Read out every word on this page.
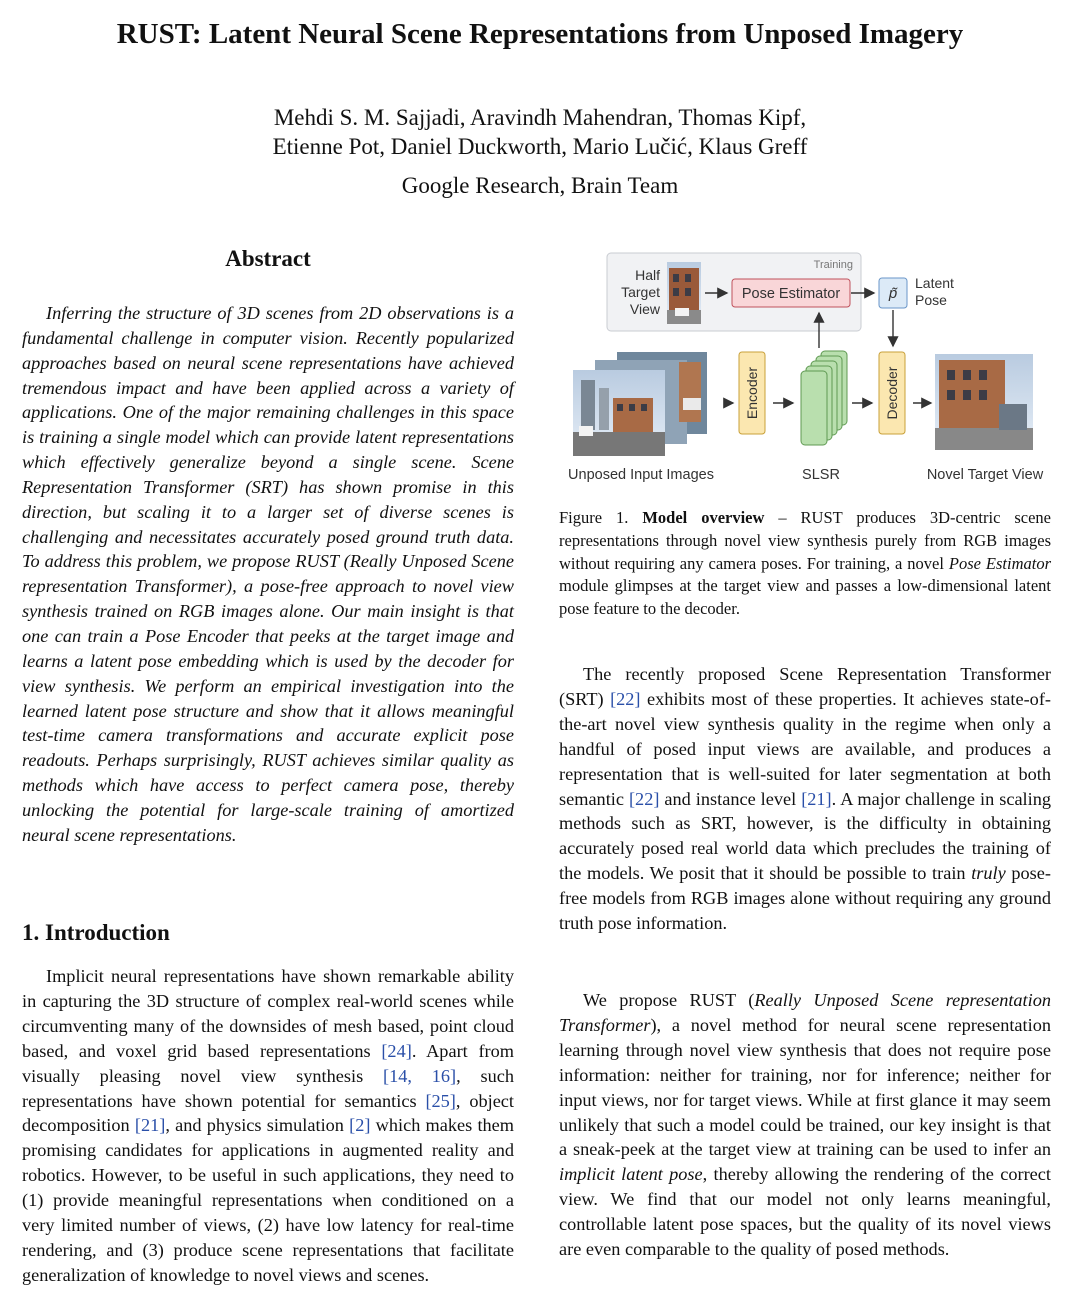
RUST: Latent Neural Scene Representations from Unposed Imagery
Mehdi S. M. Sajjadi, Aravindh Mahendran, Thomas Kipf,
Etienne Pot, Daniel Duckworth, Mario Lučić, Klaus Greff
Google Research, Brain Team
Abstract
Inferring the structure of 3D scenes from 2D observations is a fundamental challenge in computer vision. Recently popularized approaches based on neural scene representations have achieved tremendous impact and have been applied across a variety of applications. One of the major remaining challenges in this space is training a single model which can provide latent representations which effectively generalize beyond a single scene. Scene Representation Transformer (SRT) has shown promise in this direction, but scaling it to a larger set of diverse scenes is challenging and necessitates accurately posed ground truth data. To address this problem, we propose RUST (Really Unposed Scene representation Transformer), a pose-free approach to novel view synthesis trained on RGB images alone. Our main insight is that one can train a Pose Encoder that peeks at the target image and learns a latent pose embedding which is used by the decoder for view synthesis. We perform an empirical investigation into the learned latent pose structure and show that it allows meaningful test-time camera transformations and accurate explicit pose readouts. Perhaps surprisingly, RUST achieves similar quality as methods which have access to perfect camera pose, thereby unlocking the potential for large-scale training of amortized neural scene representations.
1. Introduction

Implicit neural representations have shown remarkable ability in capturing the 3D structure of complex real-world scenes while circumventing many of the downsides of mesh based, point cloud based, and voxel grid based representations [24]. Apart from visually pleasing novel view synthesis [14, 16], such representations have shown potential for semantics [25], object decomposition [21], and physics simulation [2] which makes them promising candidates for applications in augmented reality and robotics. However, to be useful in such applications, they need to (1) provide meaningful representations when conditioned on a very limited number of views, (2) have low latency for real-time rendering, and (3) produce scene representations that facilitate generalization of knowledge to novel views and scenes.

Training
Half
Target
View
Pose Estimator	p̃
Latent
Pose
Unposed Input Images
Encoder
SLSR
Decoder
Novel Target View
Figure 1. Model overview – RUST produces 3D-centric scene representations through novel view synthesis purely from RGB images without requiring any camera poses. For training, a novel Pose Estimator module glimpses at the target view and passes a low-dimensional latent pose feature to the decoder.

The recently proposed Scene Representation Transformer (SRT) [22] exhibits most of these properties. It achieves state-of-the-art novel view synthesis quality in the regime when only a handful of posed input views are available, and produces a representation that is well-suited for later segmentation at both semantic [22] and instance level [21]. A major challenge in scaling methods such as SRT, however, is the difficulty in obtaining accurately posed real world data which precludes the training of the models. We posit that it should be possible to train truly pose-free models from RGB images alone without requiring any ground truth pose information.

We propose RUST (Really Unposed Scene representation Transformer), a novel method for neural scene representation learning through novel view synthesis that does not require pose information: neither for training, nor for inference; neither for input views, nor for target views. While at first glance it may seem unlikely that such a model could be trained, our key insight is that a sneak-peek at the target view at training can be used to infer an implicit latent pose, thereby allowing the rendering of the correct view. We find that our model not only learns meaningful, controllable latent pose spaces, but the quality of its novel views are even comparable to the quality of posed methods.
